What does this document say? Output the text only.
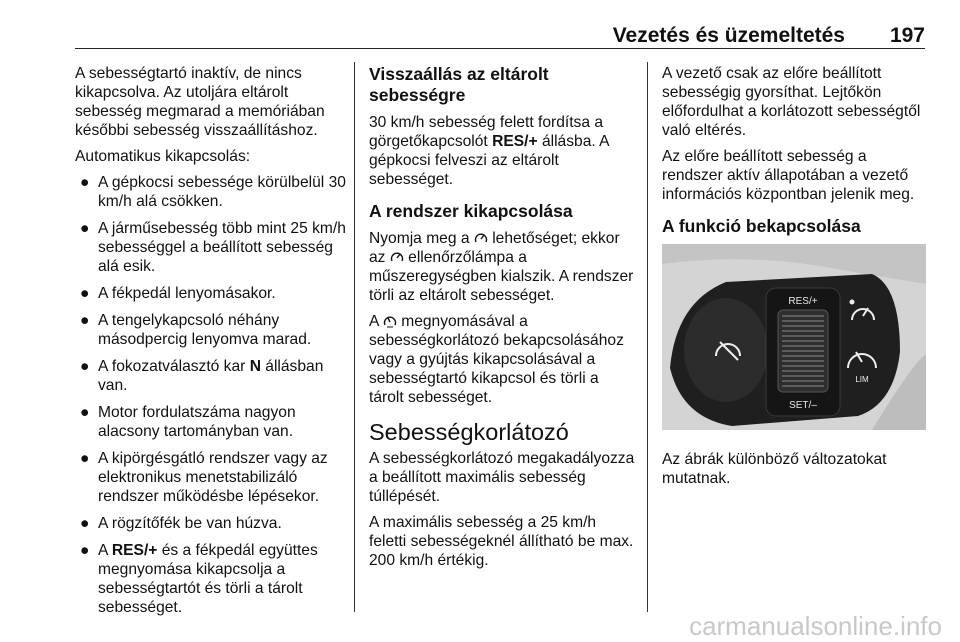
Vezetés és üzemeltetés 197

A sebességtartó inaktív, de nincs kikapcsolva. Az utoljára eltárolt sebesség megmarad a memóriában későbbi sebesség visszaállításhoz.

Automatikus kikapcsolás:

● A gépkocsi sebessége körülbelül 30 km/h alá csökken.
● A járműsebesség több mint 25 km/h sebességgel a beállított sebesség alá esik.
● A fékpedál lenyomásakor.
● A tengelykapcsoló néhány másodpercig lenyomva marad.
● A fokozatválasztó kar N állásban van.
● Motor fordulatszáma nagyon alacsony tartományban van.
● A kipörgésgátló rendszer vagy az elektronikus menetstabilizáló rendszer működésbe lépésekor.
● A rögzítőfék be van húzva.
● A RES/+ és a fékpedál együttes megnyomása kikapcsolja a sebességtartót és törli a tárolt sebességet.
Visszaállás az eltárolt sebességre

30 km/h sebesség felett fordítsa a görgetőkapcsolót RES/+ állásba. A gépkocsi felveszi az eltárolt sebességet.

A rendszer kikapcsolása

Nyomja meg a  lehetőséget; ekkor az  ellenőrzőlámpa a műszeregységben kialszik. A rendszer törli az eltárolt sebességet.

A  megnyomásával a sebességkorlátozó bekapcsolásához vagy a gyújtás kikapcsolásával a sebességtartó kikapcsol és törli a tárolt sebességet.

Sebességkorlátozó

A sebességkorlátozó megakadályozza a beállított maximális sebesség túllépését.

A maximális sebesség a 25 km/h feletti sebességeknél állítható be max. 200 km/h értékig.

A vezető csak az előre beállított sebességig gyorsíthat. Lejtőkön előfordulhat a korlátozott sebességtől való eltérés.

Az előre beállított sebesség a rendszer aktív állapotában a vezető információs központban jelenik meg.

A funkció bekapcsolása
RES/+
SET/–
LIM

Az ábrák különböző változatokat mutatnak.

carmanualsonline.info
